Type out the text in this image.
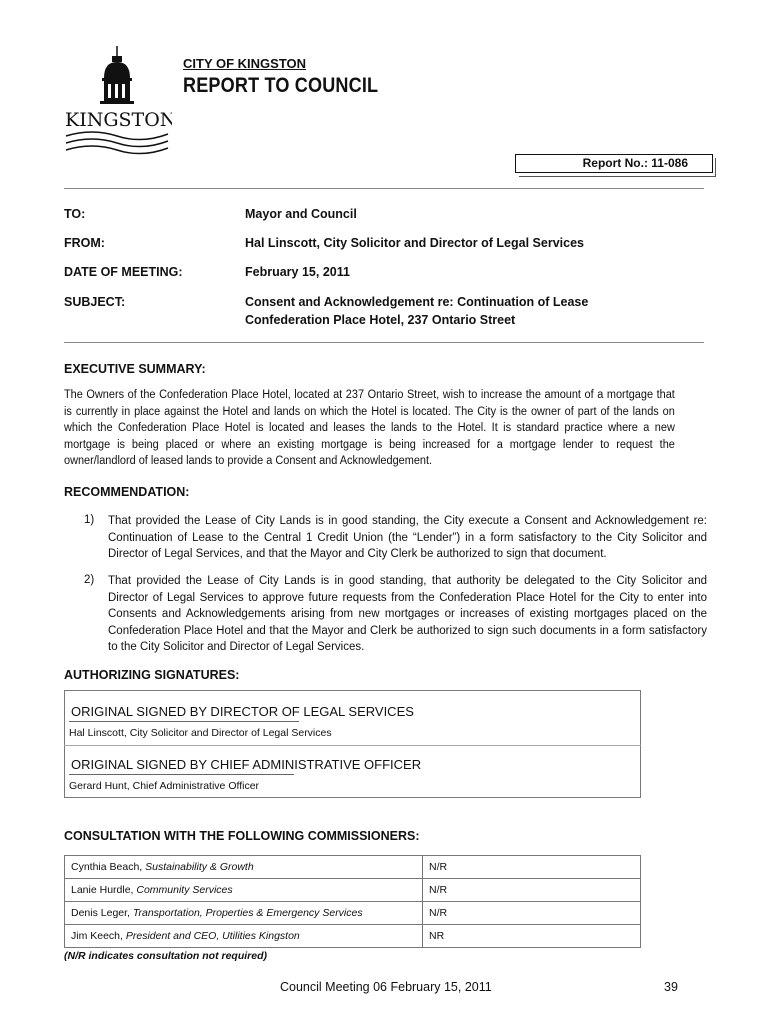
KINGSTON
CITY OF KINGSTON
REPORT TO COUNCIL
Report No.: 11-086
TO:	Mayor and Council
FROM:	Hal Linscott, City Solicitor and Director of Legal Services
DATE OF MEETING:	February 15, 2011
SUBJECT:	Consent and Acknowledgement re: Continuation of Lease
Confederation Place Hotel, 237 Ontario Street
EXECUTIVE SUMMARY:
The Owners of the Confederation Place Hotel, located at 237 Ontario Street, wish to increase the amount of a mortgage that is currently in place against the Hotel and lands on which the Hotel is located. The City is the owner of part of the lands on which the Confederation Place Hotel is located and leases the lands to the Hotel. It is standard practice where a new mortgage is being placed or where an existing mortgage is being increased for a mortgage lender to request the owner/landlord of leased lands to provide a Consent and Acknowledgement.
RECOMMENDATION:
1) That provided the Lease of City Lands is in good standing, the City execute a Consent and Acknowledgement re: Continuation of Lease to the Central 1 Credit Union (the “Lender”) in a form satisfactory to the City Solicitor and Director of Legal Services, and that the Mayor and City Clerk be authorized to sign that document.
2) That provided the Lease of City Lands is in good standing, that authority be delegated to the City Solicitor and Director of Legal Services to approve future requests from the Confederation Place Hotel for the City to enter into Consents and Acknowledgements arising from new mortgages or increases of existing mortgages placed on the Confederation Place Hotel and that the Mayor and Clerk be authorized to sign such documents in a form satisfactory to the City Solicitor and Director of Legal Services.
AUTHORIZING SIGNATURES:
ORIGINAL SIGNED BY DIRECTOR OF LEGAL SERVICES
Hal Linscott, City Solicitor and Director of Legal Services
ORIGINAL SIGNED BY CHIEF ADMINISTRATIVE OFFICER
Gerard Hunt, Chief Administrative Officer
CONSULTATION WITH THE FOLLOWING COMMISSIONERS:
Cynthia Beach, Sustainability & Growth	N/R
Lanie Hurdle, Community Services	N/R
Denis Leger, Transportation, Properties & Emergency Services	N/R
Jim Keech, President and CEO, Utilities Kingston	NR
(N/R indicates consultation not required)
Council Meeting 06 February 15, 2011	39
